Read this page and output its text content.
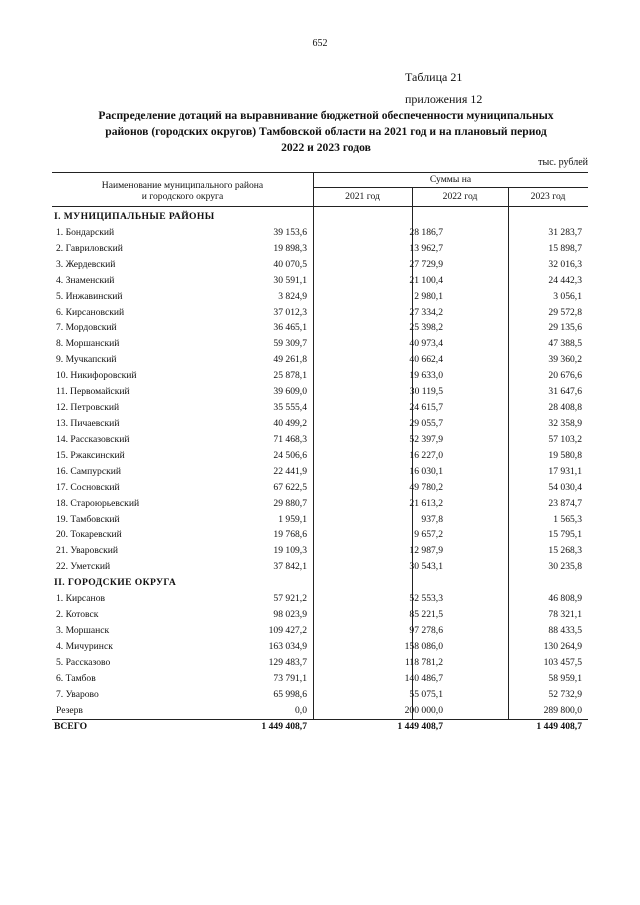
652
Таблица 21
приложения 12
Распределение дотаций на выравнивание бюджетной обеспеченности муниципальных
районов (городских округов) Тамбовской области на 2021 год и на плановый период
2022 и 2023 годов
тыс. рублей
Наименование муниципального района
и городского округа
Суммы на
2021 год	2022 год	2023 год
I. МУНИЦИПАЛЬНЫЕ РАЙОНЫ
1. Бондарский	39 153,6	28 186,7	31 283,7
2. Гавриловский	19 898,3	13 962,7	15 898,7
3. Жердевский	40 070,5	27 729,9	32 016,3
4. Знаменский	30 591,1	21 100,4	24 442,3
5. Инжавинский	3 824,9	2 980,1	3 056,1
6. Кирсановский	37 012,3	27 334,2	29 572,8
7. Мордовский	36 465,1	25 398,2	29 135,6
8. Моршанский	59 309,7	40 973,4	47 388,5
9. Мучкапский	49 261,8	40 662,4	39 360,2
10. Никифоровский	25 878,1	19 633,0	20 676,6
11. Первомайский	39 609,0	30 119,5	31 647,6
12. Петровский	35 555,4	24 615,7	28 408,8
13. Пичаевский	40 499,2	29 055,7	32 358,9
14. Рассказовский	71 468,3	52 397,9	57 103,2
15. Ржаксинский	24 506,6	16 227,0	19 580,8
16. Сампурский	22 441,9	16 030,1	17 931,1
17. Сосновский	67 622,5	49 780,2	54 030,4
18. Староюрьевский	29 880,7	21 613,2	23 874,7
19. Тамбовский	1 959,1	937,8	1 565,3
20. Токаревский	19 768,6	9 657,2	15 795,1
21. Уваровский	19 109,3	12 987,9	15 268,3
22. Уметский	37 842,1	30 543,1	30 235,8
II. ГОРОДСКИЕ ОКРУГА
1. Кирсанов	57 921,2	52 553,3	46 808,9
2. Котовск	98 023,9	85 221,5	78 321,1
3. Моршанск	109 427,2	97 278,6	88 433,5
4. Мичуринск	163 034,9	158 086,0	130 264,9
5. Рассказово	129 483,7	118 781,2	103 457,5
6. Тамбов	73 791,1	140 486,7	58 959,1
7. Уварово	65 998,6	55 075,1	52 732,9
Резерв	0,0	200 000,0	289 800,0
ВСЕГО	1 449 408,7	1 449 408,7	1 449 408,7
